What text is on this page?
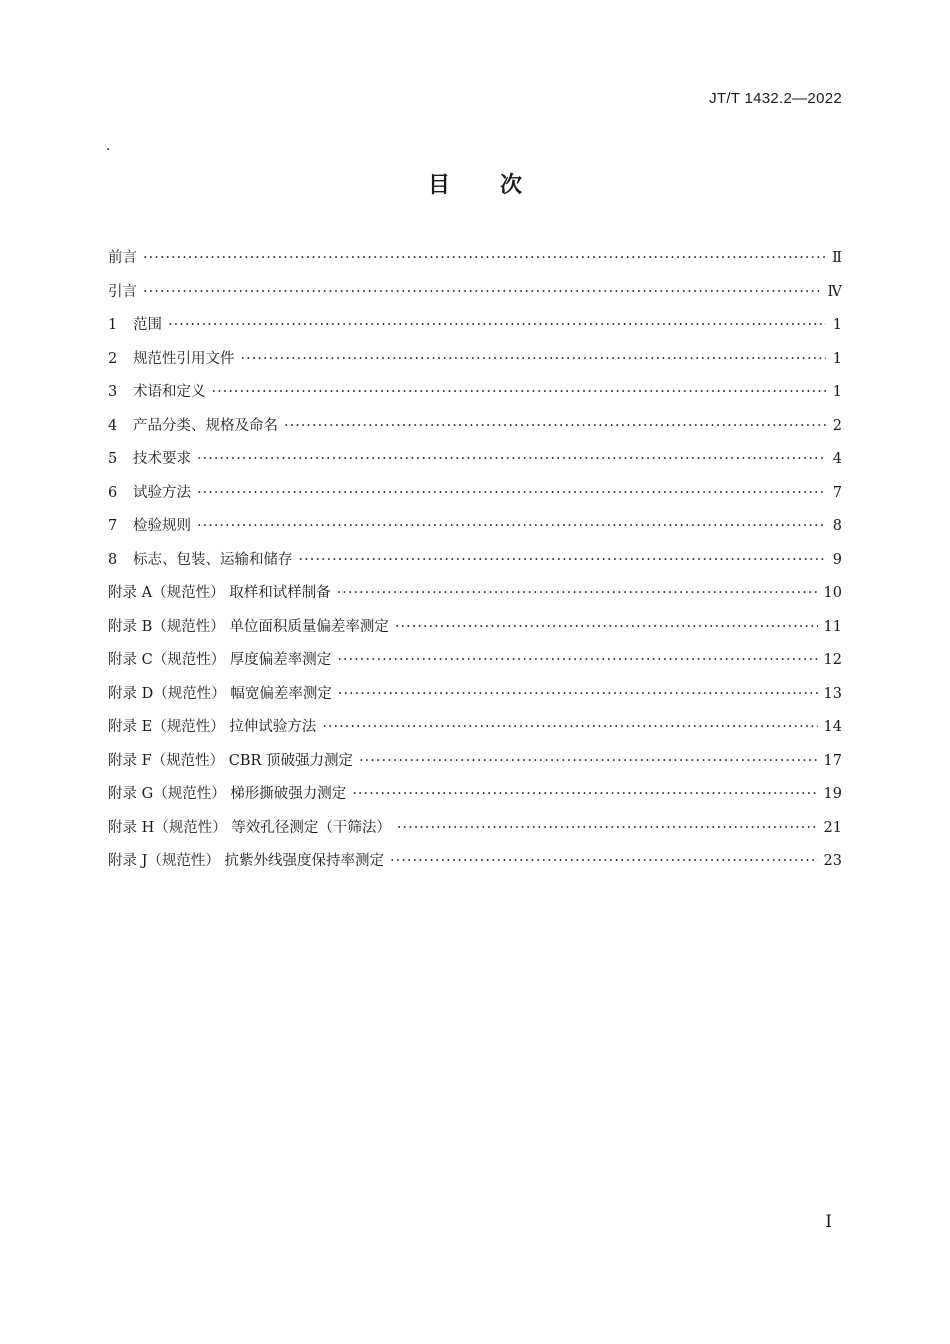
JT/T 1432.2—2022
.
目 次
前言 ·····	Ⅱ
引言 ·····	Ⅳ
1	范围 ·····	1
2	规范性引用文件 ·····	1
3	术语和定义 ·····	1
4	产品分类、规格及命名 ·····	2
5	技术要求 ·····	4
6	试验方法 ·····	7
7	检验规则 ·····	8
8	标志、包装、运输和储存 ·····	9
附录 A（规范性） 取样和试样制备 ·····	10
附录 B（规范性） 单位面积质量偏差率测定 ·····	11
附录 C（规范性） 厚度偏差率测定 ·····	12
附录 D（规范性） 幅宽偏差率测定 ·····	13
附录 E（规范性） 拉伸试验方法 ·····	14
附录 F（规范性） CBR 顶破强力测定 ·····	17
附录 G（规范性） 梯形撕破强力测定 ·····	19
附录 H（规范性） 等效孔径测定（干筛法） ·····	21
附录 J（规范性） 抗紫外线强度保持率测定 ·····	23
I
